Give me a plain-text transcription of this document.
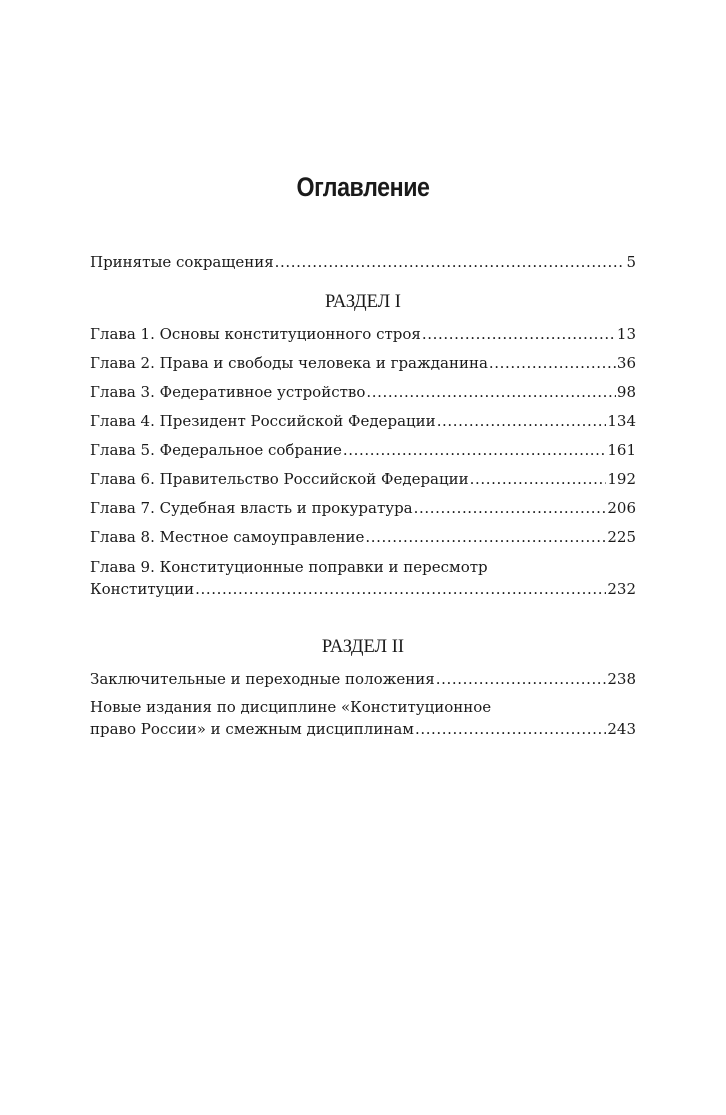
Оглавление
Принятые сокращения .....	5
РАЗДЕЛ I
Глава 1. Основы конституционного строя .....	13
Глава 2. Права и свободы человека и гражданина .....	36
Глава 3. Федеративное устройство .....	98
Глава 4. Президент Российской Федерации .....	134
Глава 5. Федеральное собрание .....	161
Глава 6. Правительство Российской Федерации .....	192
Глава 7. Судебная власть и прокуратура .....	206
Глава 8. Местное самоуправление .....	225
Глава 9. Конституционные поправки и пересмотр
Конституции .....	232
РАЗДЕЛ II
Заключительные и переходные положения .....	238
Новые издания по дисциплине «Конституционное
право России» и смежным дисциплинам .....	243
